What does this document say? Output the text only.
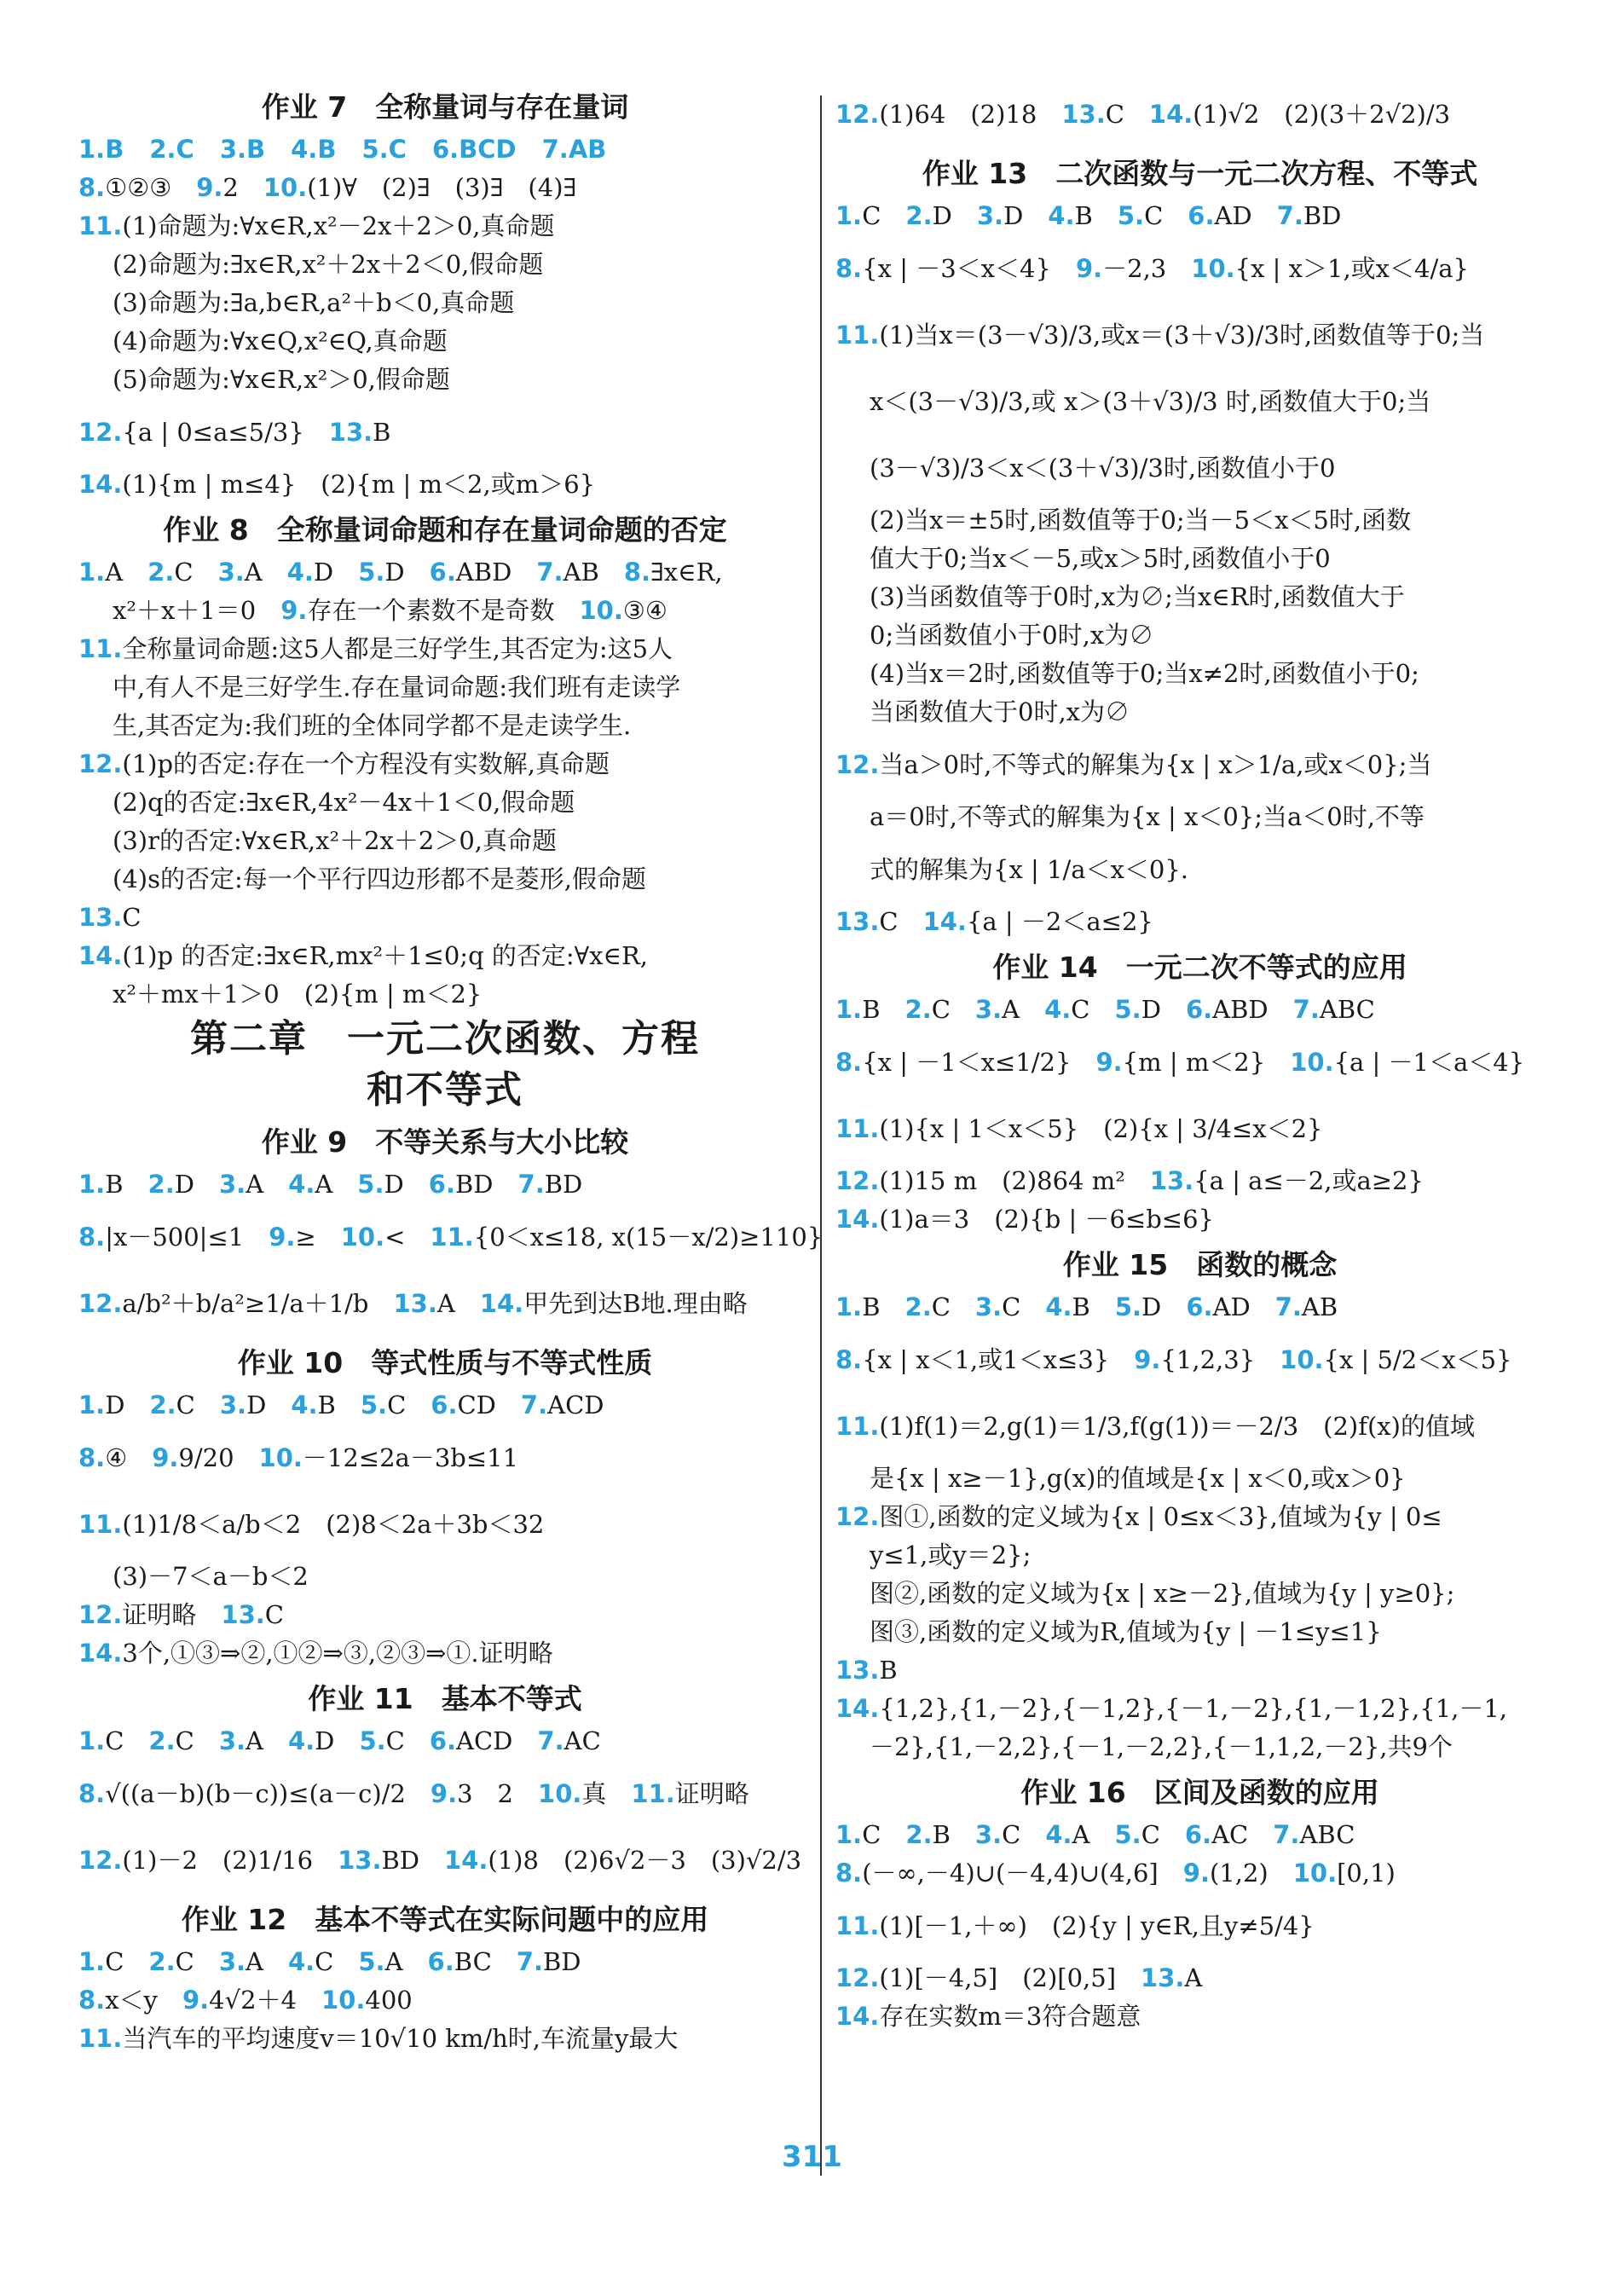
作业 7　全称量词与存在量词
1.B 2.C 3.B 4.B 5.C 6.BCD 7.AB
8.①②③　9.2　10.(1)∀　(2)∃　(3)∃　(4)∃
11.(1)命题为:∀x∈R,x²－2x＋2＞0,真命题
(2)命题为:∃x∈R,x²＋2x＋2＜0,假命题
(3)命题为:∃a,b∈R,a²＋b＜0,真命题
(4)命题为:∀x∈Q,x²∈Q,真命题
(5)命题为:∀x∈R,x²＞0,假命题
12.{a | 0≤a≤5/3}　13.B
14.(1){m | m≤4}　(2){m | m＜2,或m＞6}
作业 8　全称量词命题和存在量词命题的否定
1.A　2.C　3.A　4.D　5.D　6.ABD　7.AB　8.∃x∈R,
x²＋x＋1＝0　9.存在一个素数不是奇数　10.③④
11.全称量词命题:这5人都是三好学生,其否定为:这5人
中,有人不是三好学生.存在量词命题:我们班有走读学
生,其否定为:我们班的全体同学都不是走读学生.
12.(1)p的否定:存在一个方程没有实数解,真命题
(2)q的否定:∃x∈R,4x²－4x＋1＜0,假命题
(3)r的否定:∀x∈R,x²＋2x＋2＞0,真命题
(4)s的否定:每一个平行四边形都不是菱形,假命题
13.C
14.(1)p 的否定:∃x∈R,mx²＋1≤0;q 的否定:∀x∈R,
x²＋mx＋1＞0　(2){m | m＜2}
第二章　一元二次函数、方程
和不等式
作业 9　不等关系与大小比较
1.B　2.D　3.A　4.A　5.D　6.BD　7.BD
8.|x－500|≤1　9.≥　10.<　11.{0＜x≤18, x(15－x/2)≥110}
12.a/b²＋b/a²≥1/a＋1/b　13.A　14.甲先到达B地.理由略
作业 10　等式性质与不等式性质
1.D　2.C　3.D　4.B　5.C　6.CD　7.ACD
8.④　9.9/20　10.－12≤2a－3b≤11
11.(1)1/8＜a/b＜2　(2)8＜2a＋3b＜32
(3)－7＜a－b＜2
12.证明略　13.C
14.3个,①③⇒②,①②⇒③,②③⇒①.证明略
作业 11　基本不等式
1.C　2.C　3.A　4.D　5.C　6.ACD　7.AC
8.√((a－b)(b－c))≤(a－c)/2　9.3　2　10.真　11.证明略
12.(1)－2　(2)1/16　13.BD　14.(1)8　(2)6√2－3　(3)√2/3
作业 12　基本不等式在实际问题中的应用
1.C　2.C　3.A　4.C　5.A　6.BC　7.BD
8.x＜y　9.4√2＋4　10.400
11.当汽车的平均速度v＝10√10 km/h时,车流量y最大
12.(1)64　(2)18　13.C　14.(1)√2　(2)(3＋2√2)/3
作业 13　二次函数与一元二次方程、不等式
1.C　2.D　3.D　4.B　5.C　6.AD　7.BD
8.{x | －3＜x＜4}　9.－2,3　10.{x | x＞1,或x＜4/a}
11.(1)当x＝(3－√3)/3,或x＝(3＋√3)/3时,函数值等于0;当
x＜(3－√3)/3,或 x＞(3＋√3)/3 时,函数值大于0;当
(3－√3)/3＜x＜(3＋√3)/3时,函数值小于0
(2)当x＝±5时,函数值等于0;当－5＜x＜5时,函数
值大于0;当x＜－5,或x＞5时,函数值小于0
(3)当函数值等于0时,x为∅;当x∈R时,函数值大于
0;当函数值小于0时,x为∅
(4)当x＝2时,函数值等于0;当x≠2时,函数值小于0;
当函数值大于0时,x为∅
12.当a＞0时,不等式的解集为{x | x＞1/a,或x＜0};当
a＝0时,不等式的解集为{x | x＜0};当a＜0时,不等
式的解集为{x | 1/a＜x＜0}.
13.C　14.{a | －2＜a≤2}
作业 14　一元二次不等式的应用
1.B　2.C　3.A　4.C　5.D　6.ABD　7.ABC
8.{x | －1＜x≤1/2}　9.{m | m＜2}　10.{a | －1＜a＜4}
11.(1){x | 1＜x＜5}　(2){x | 3/4≤x＜2}
12.(1)15 m　(2)864 m²　13.{a | a≤－2,或a≥2}
14.(1)a＝3　(2){b | －6≤b≤6}
作业 15　函数的概念
1.B　2.C　3.C　4.B　5.D　6.AD　7.AB
8.{x | x＜1,或1＜x≤3}　9.{1,2,3}　10.{x | 5/2＜x＜5}
11.(1)f(1)＝2,g(1)＝1/3,f(g(1))＝－2/3　(2)f(x)的值域
是{x | x≥－1},g(x)的值域是{x | x＜0,或x＞0}
12.图①,函数的定义域为{x | 0≤x＜3},值域为{y | 0≤
y≤1,或y＝2};
图②,函数的定义域为{x | x≥－2},值域为{y | y≥0};
图③,函数的定义域为R,值域为{y | －1≤y≤1}
13.B
14.{1,2},{1,－2},{－1,2},{－1,－2},{1,－1,2},{1,－1,
－2},{1,－2,2},{－1,－2,2},{－1,1,2,－2},共9个
作业 16　区间及函数的应用
1.C　2.B　3.C　4.A　5.C　6.AC　7.ABC
8.(－∞,－4)∪(－4,4)∪(4,6]　9.(1,2)　10.[0,1)
11.(1)[－1,＋∞)　(2){y | y∈R,且y≠5/4}
12.(1)[－4,5]　(2)[0,5]　13.A
14.存在实数m＝3符合题意
311
